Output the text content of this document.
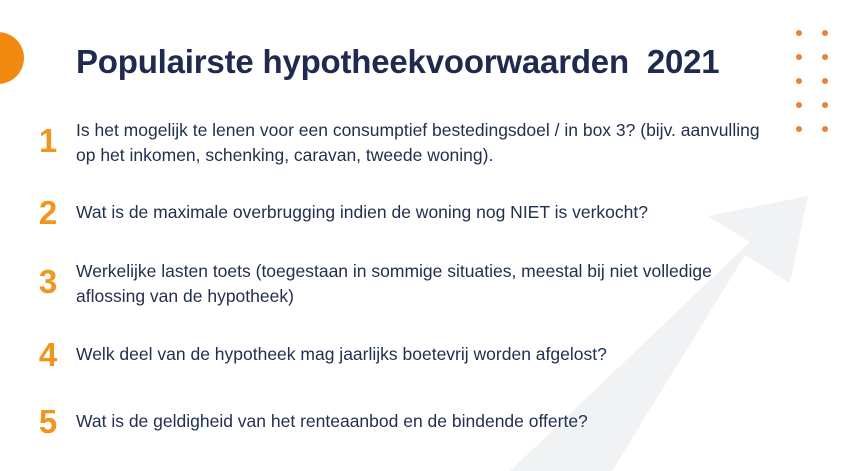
Populairste hypotheekvoorwaarden  2021
1 Is het mogelijk te lenen voor een consumptief bestedingsdoel / in box 3? (bijv. aanvulling op het inkomen, schenking, caravan, tweede woning).

2 Wat is de maximale overbrugging indien de woning nog NIET is verkocht?

3 Werkelijke lasten toets (toegestaan in sommige situaties, meestal bij niet volledige aflossing van de hypotheek)

4 Welk deel van de hypotheek mag jaarlijks boetevrij worden afgelost?

5 Wat is de geldigheid van het renteaanbod en de bindende offerte?
